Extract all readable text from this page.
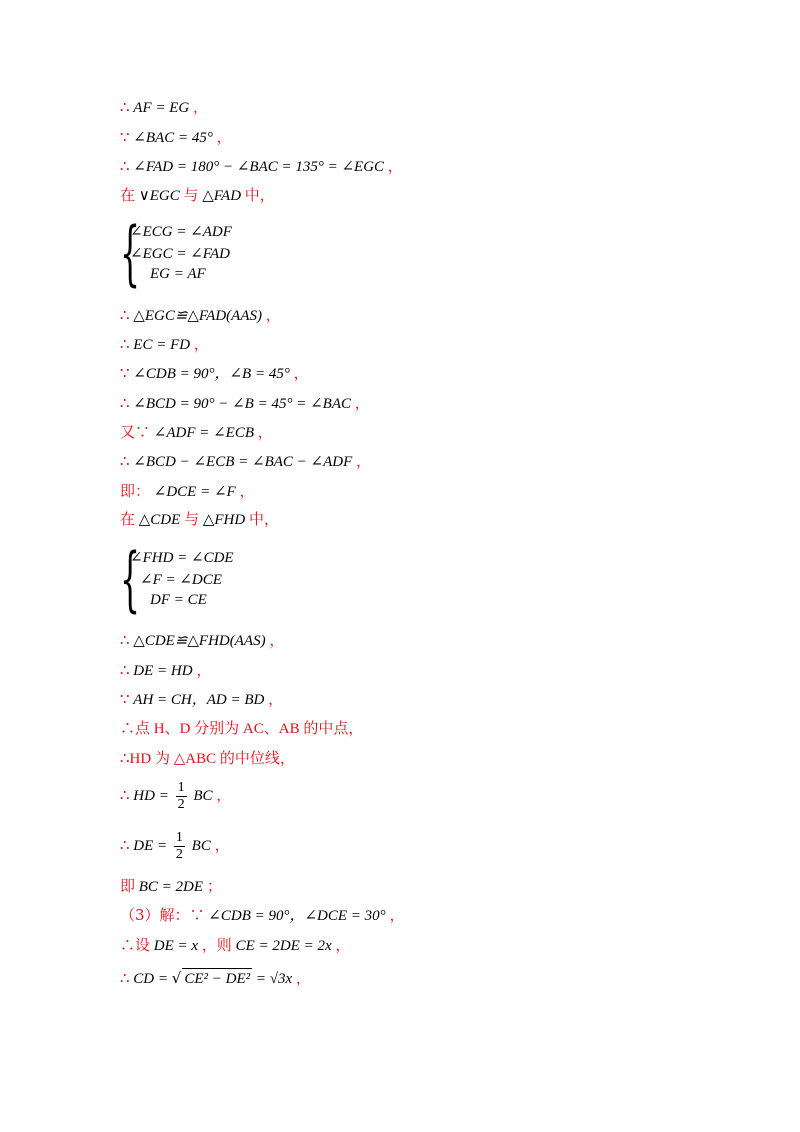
∴ AF = EG ，
∵ ∠BAC = 45° ，
∴ ∠FAD = 180° − ∠BAC = 135° = ∠EGC ，
在 ∨EGC 与 △FAD 中，
{
∠ECG = ∠ADF
∠EGC = ∠FAD
EG = AF
∴ △EGC≌△FAD(AAS) ，
∴ EC = FD ，
∵ ∠CDB = 90°，∠B = 45° ，
∴ ∠BCD = 90° − ∠B = 45° = ∠BAC ，
又∵ ∠ADF = ∠ECB ，
∴ ∠BCD − ∠ECB = ∠BAC − ∠ADF ，
即： ∠DCE = ∠F ，
在 △CDE 与 △FHD 中，
{
∠FHD = ∠CDE
∠F = ∠DCE
DF = CE
∴ △CDE≌△FHD(AAS) ，
∴ DE = HD ，
∵ AH = CH，AD = BD ，
∴点 H、D 分别为 AC、AB 的中点，
∴HD 为 △ABC 的中位线，
∴ HD = $\frac{1}{2}$ BC ，
∴ DE = $\frac{1}{2}$ BC ，
即 BC = 2DE ；
（3）解：∵ ∠CDB = 90°，∠DCE = 30° ，
∴设 DE = x ，则 CE = 2DE = 2x ，
∴ CD = √ CE² − DE² = √3x ，
